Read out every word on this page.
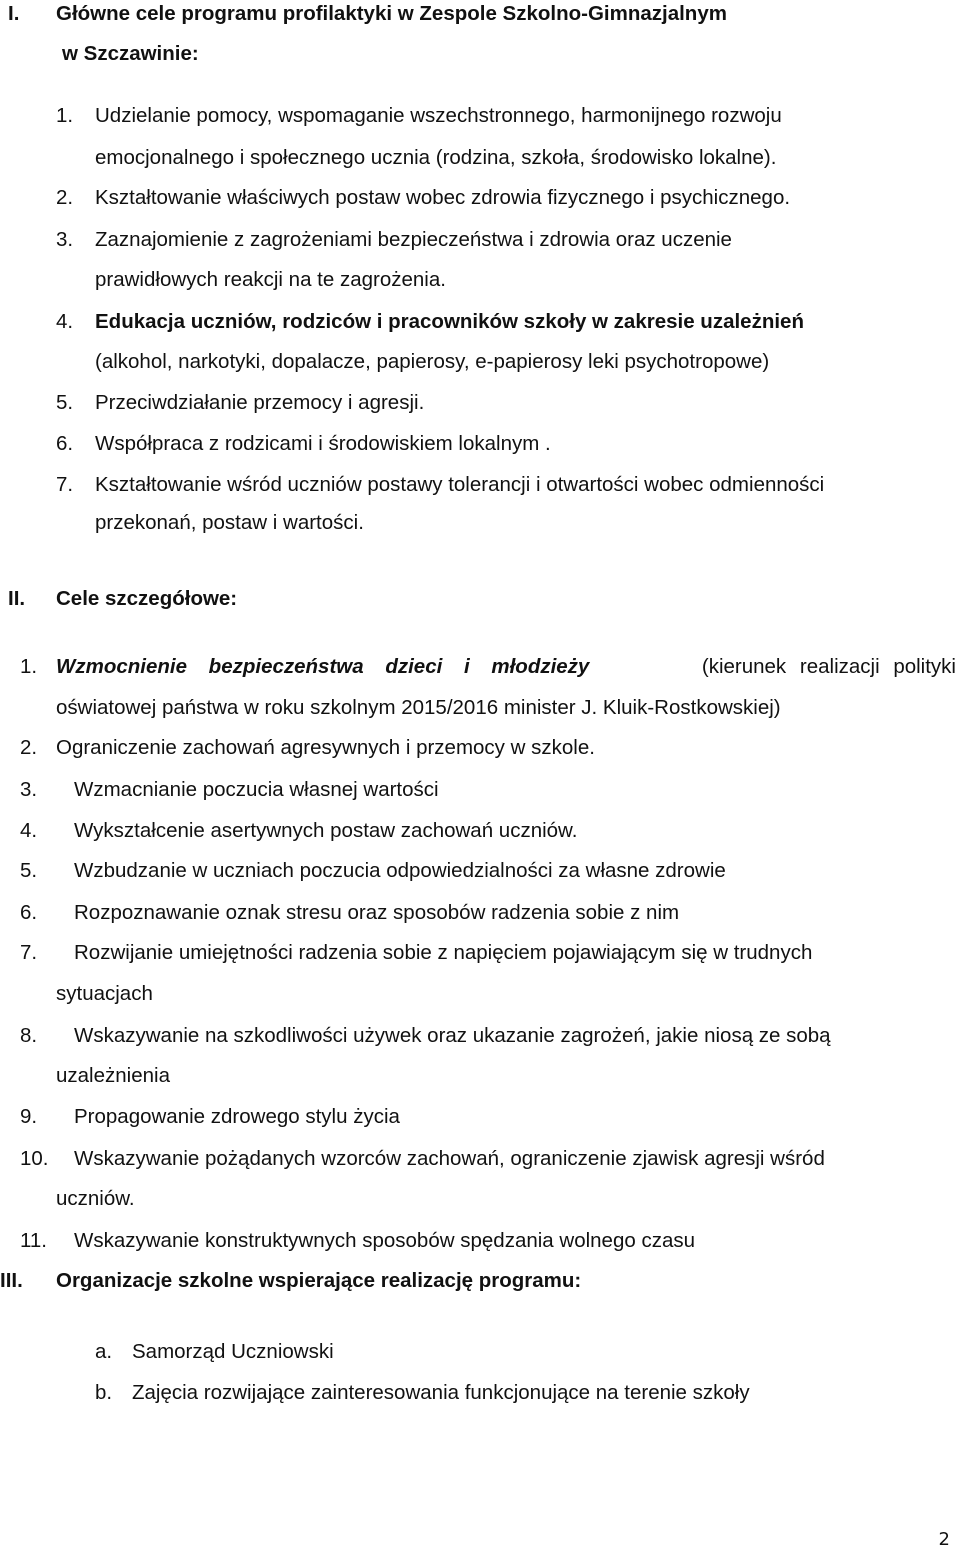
I. Główne cele programu profilaktyki w Zespole Szkolno-Gimnazjalnym
w Szczawinie:
1. Udzielanie pomocy, wspomaganie wszechstronnego, harmonijnego rozwoju
emocjonalnego i społecznego ucznia (rodzina, szkoła, środowisko lokalne).
2. Kształtowanie właściwych postaw wobec zdrowia fizycznego i psychicznego.
3. Zaznajomienie z zagrożeniami bezpieczeństwa i zdrowia oraz uczenie
prawidłowych reakcji na te zagrożenia.
4. Edukacja uczniów, rodziców i pracowników szkoły w zakresie uzależnień
(alkohol, narkotyki, dopalacze, papierosy, e-papierosy leki psychotropowe)
5. Przeciwdziałanie przemocy i agresji.
6. Współpraca z rodzicami i środowiskiem lokalnym .
7. Kształtowanie wśród uczniów postawy tolerancji i otwartości wobec odmienności
przekonań, postaw i wartości.
II. Cele szczegółowe:
1. Wzmocnienie bezpieczeństwa dzieci i młodzieży	(kierunek realizacji polityki
oświatowej państwa w roku szkolnym 2015/2016 minister J. Kluik-Rostkowskiej)
2. Ograniczenie zachowań agresywnych i przemocy w szkole.
3. Wzmacnianie poczucia własnej wartości
4. Wykształcenie asertywnych postaw zachowań uczniów.
5. Wzbudzanie w uczniach poczucia odpowiedzialności za własne zdrowie
6. Rozpoznawanie oznak stresu oraz sposobów radzenia sobie z nim
7. Rozwijanie umiejętności radzenia sobie z napięciem pojawiającym się w trudnych
sytuacjach
8. Wskazywanie na szkodliwości używek oraz ukazanie zagrożeń, jakie niosą ze sobą
uzależnienia
9. Propagowanie zdrowego stylu życia
10. Wskazywanie pożądanych wzorców zachowań, ograniczenie zjawisk agresji wśród
uczniów.
11. Wskazywanie konstruktywnych sposobów spędzania wolnego czasu
III. Organizacje szkolne wspierające realizację programu:
a. Samorząd Uczniowski
b. Zajęcia rozwijające zainteresowania funkcjonujące na terenie szkoły
2
